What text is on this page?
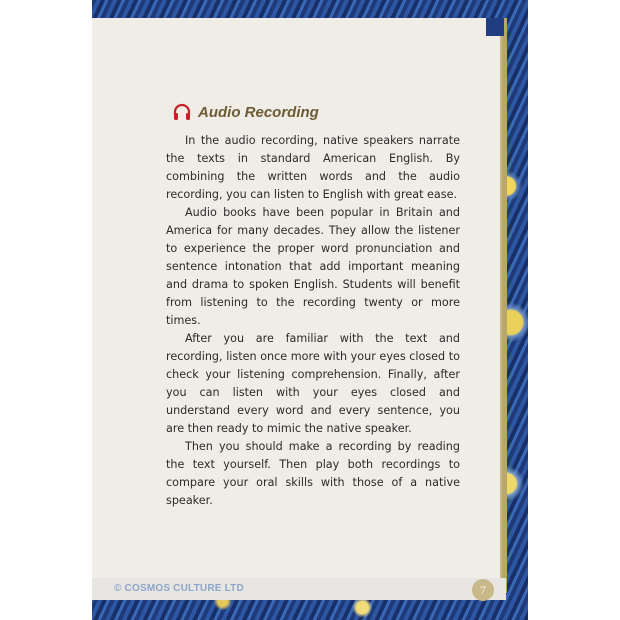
Audio Recording

In the audio recording, native speakers narrate the texts in standard American English. By combining the written words and the audio recording, you can listen to English with great ease.

Audio books have been popular in Britain and America for many decades. They allow the listener to experience the proper word pronunciation and sentence intonation that add important meaning and drama to spoken English. Students will benefit from listening to the recording twenty or more times.

After you are familiar with the text and recording, listen once more with your eyes closed to check your listening comprehension. Finally, after you can listen with your eyes closed and understand every word and every sentence, you are then ready to mimic the native speaker.

Then you should make a recording by reading the text yourself. Then play both recordings to compare your oral skills with those of a native speaker.

© COSMOS CULTURE LTD	7
